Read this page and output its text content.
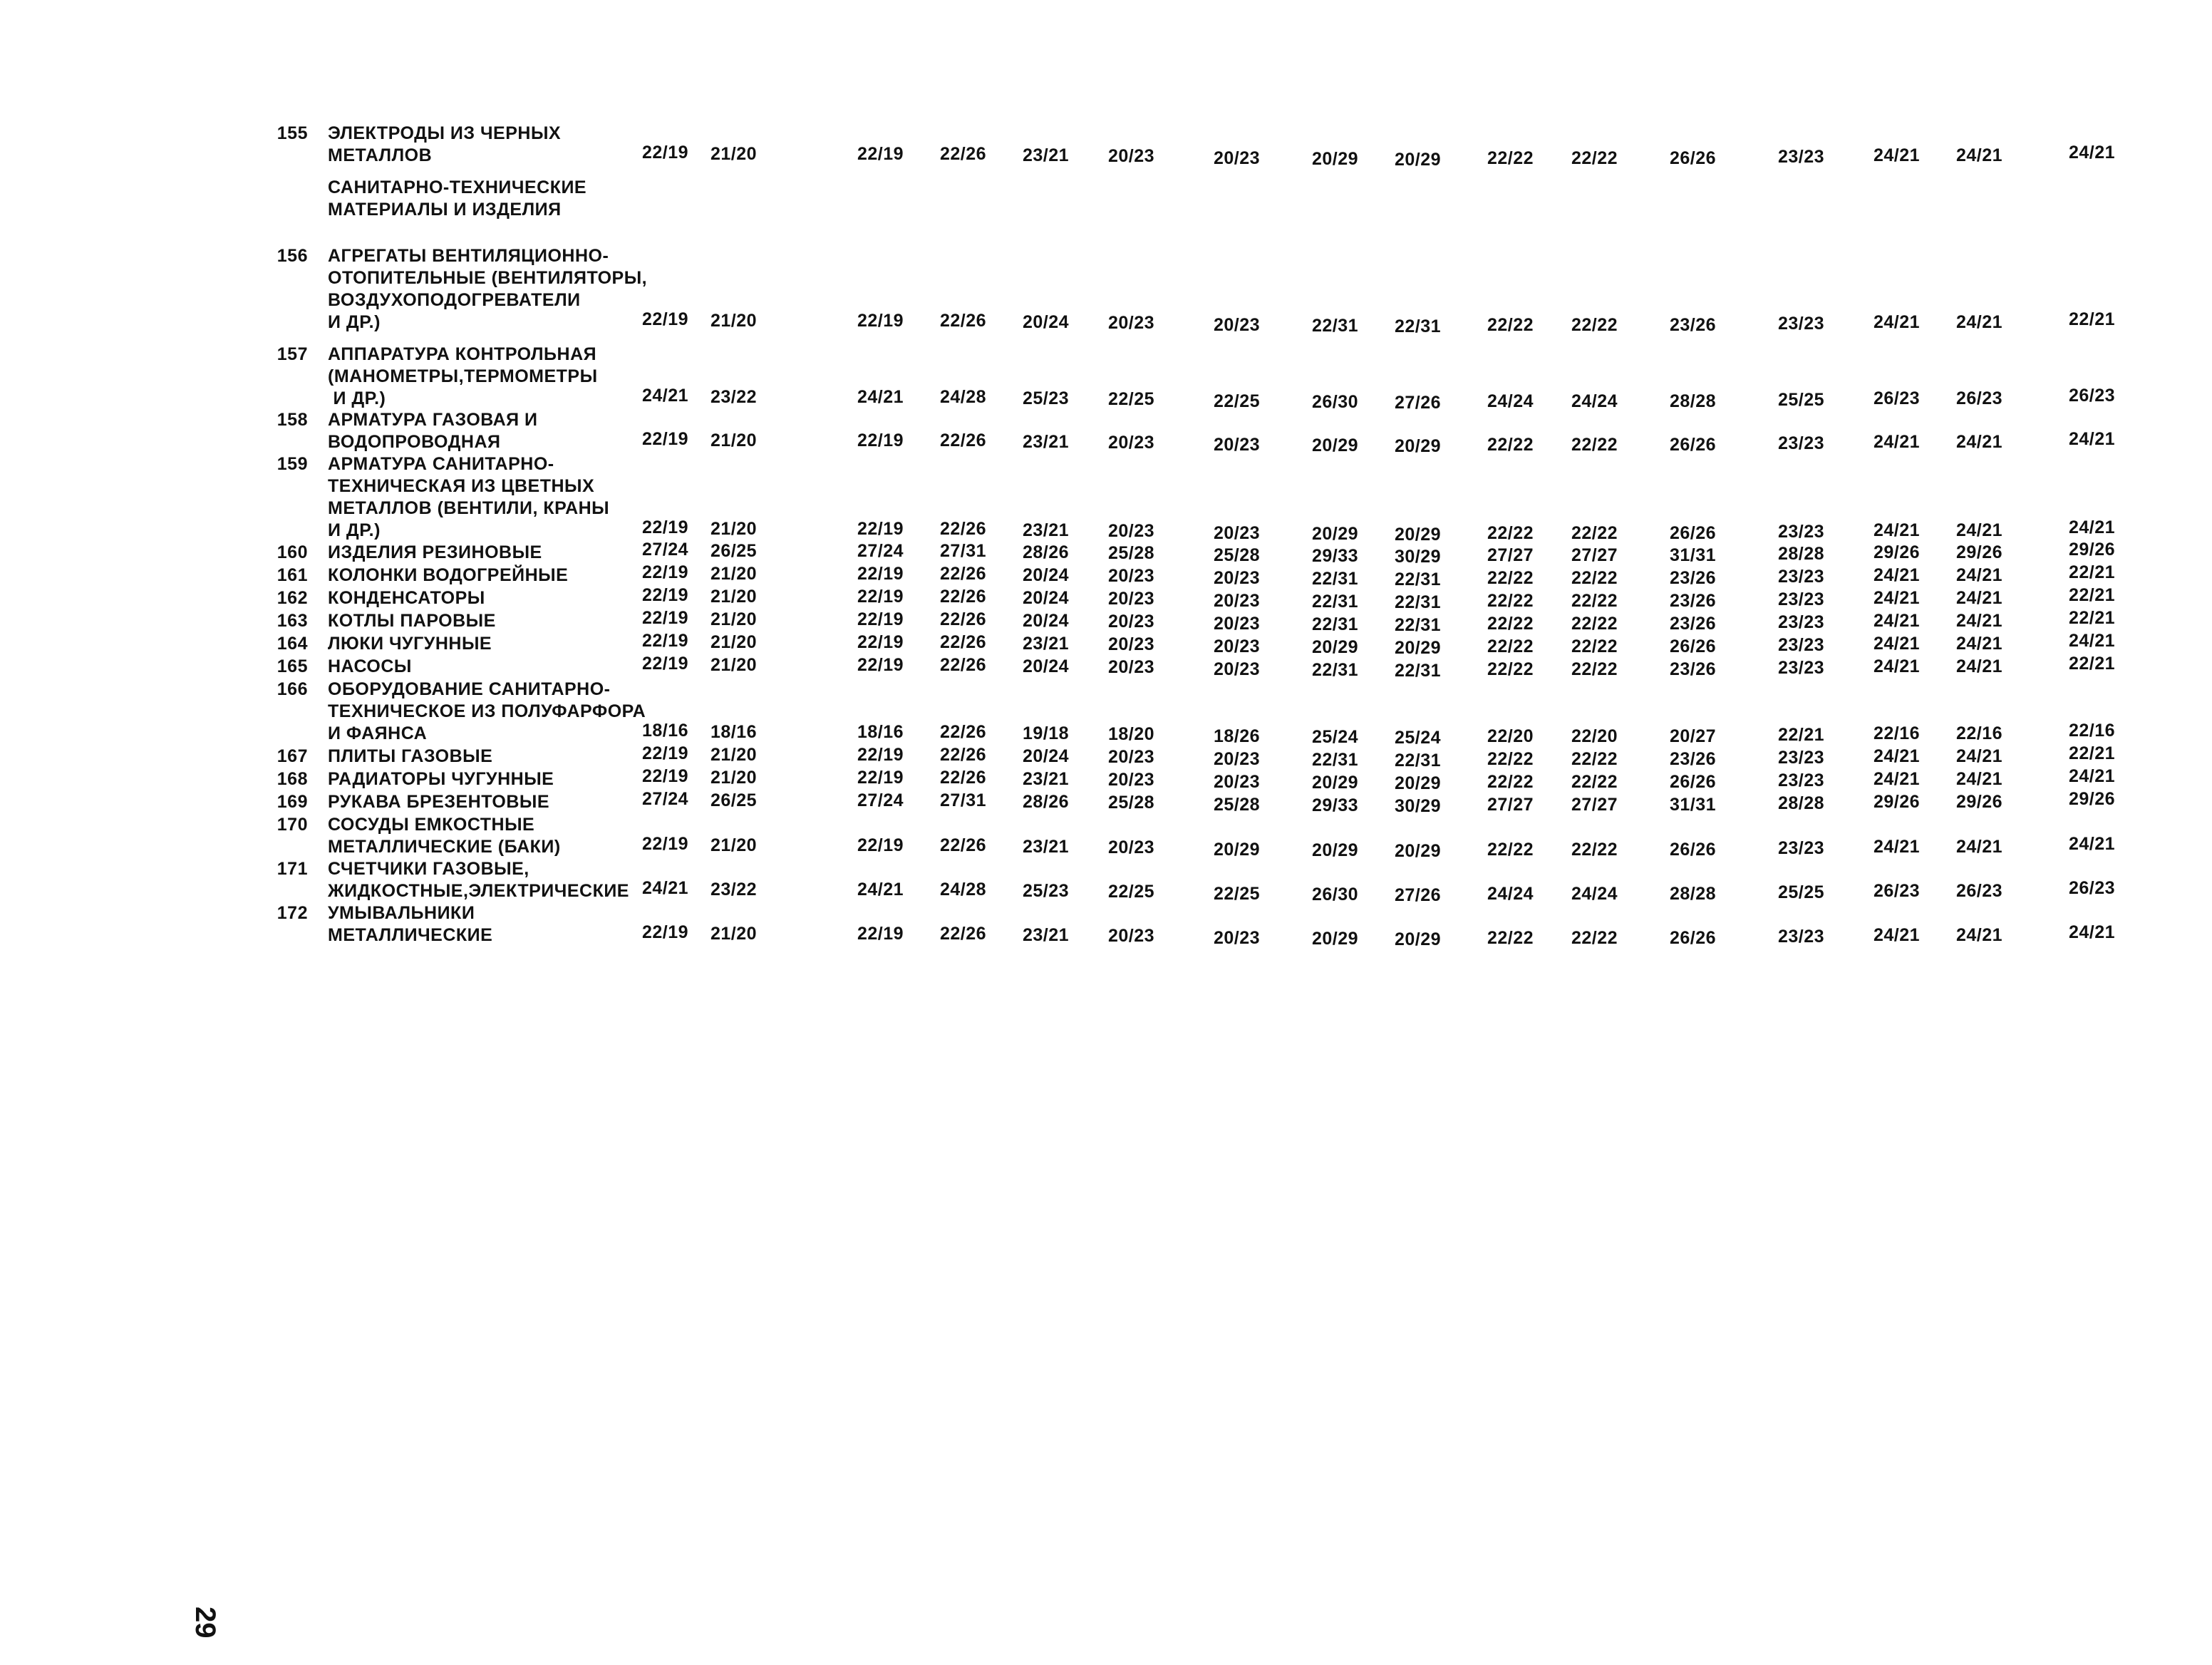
САНИТАРНО-ТЕХНИЧЕСКИЕ
МАТЕРИАЛЫ И ИЗДЕЛИЯ
155 ЭЛЕКТРОДЫ ИЗ ЧЕРНЫХ
МЕТАЛЛОВ	22/19	21/20	22/19	22/26	23/21	20/23	20/23	20/29	20/29	22/22	22/22	26/26	23/23	24/21	24/21	24/21
156 АГРЕГАТЫ ВЕНТИЛЯЦИОННО-
ОТОПИТЕЛЬНЫЕ (ВЕНТИЛЯТОРЫ,
ВОЗДУХОПОДОГРЕВАТЕЛИ
И ДР.)	22/19	21/20	22/19	22/26	20/24	20/23	20/23	22/31	22/31	22/22	22/22	23/26	23/23	24/21	24/21	22/21
157 АППАРАТУРА КОНТРОЛЬНАЯ
(МАНОМЕТРЫ,ТЕРМОМЕТРЫ
И ДР.)	24/21	23/22	24/21	24/28	25/23	22/25	22/25	26/30	27/26	24/24	24/24	28/28	25/25	26/23	26/23	26/23
158 АРМАТУРА ГАЗОВАЯ И
ВОДОПРОВОДНАЯ	22/19	21/20	22/19	22/26	23/21	20/23	20/23	20/29	20/29	22/22	22/22	26/26	23/23	24/21	24/21	24/21
159 АРМАТУРА САНИТАРНО-
ТЕХНИЧЕСКАЯ ИЗ ЦВЕТНЫХ
МЕТАЛЛОВ (ВЕНТИЛИ, КРАНЫ
И ДР.)	22/19	21/20	22/19	22/26	23/21	20/23	20/23	20/29	20/29	22/22	22/22	26/26	23/23	24/21	24/21	24/21
160 ИЗДЕЛИЯ РЕЗИНОВЫЕ	27/24	26/25	27/24	27/31	28/26	25/28	25/28	29/33	30/29	27/27	27/27	31/31	28/28	29/26	29/26	29/26
161 КОЛОНКИ ВОДОГРЕЙНЫЕ	22/19	21/20	22/19	22/26	20/24	20/23	20/23	22/31	22/31	22/22	22/22	23/26	23/23	24/21	24/21	22/21
162 КОНДЕНСАТОРЫ	22/19	21/20	22/19	22/26	20/24	20/23	20/23	22/31	22/31	22/22	22/22	23/26	23/23	24/21	24/21	22/21
163 КОТЛЫ ПАРОВЫЕ	22/19	21/20	22/19	22/26	20/24	20/23	20/23	22/31	22/31	22/22	22/22	23/26	23/23	24/21	24/21	22/21
164 ЛЮКИ ЧУГУННЫЕ	22/19	21/20	22/19	22/26	23/21	20/23	20/23	20/29	20/29	22/22	22/22	26/26	23/23	24/21	24/21	24/21
165 НАСОСЫ	22/19	21/20	22/19	22/26	20/24	20/23	20/23	22/31	22/31	22/22	22/22	23/26	23/23	24/21	24/21	22/21
166 ОБОРУДОВАНИЕ САНИТАРНО-
ТЕХНИЧЕСКОЕ ИЗ ПОЛУФАРФОРА
И ФАЯНСА	18/16	18/16	18/16	22/26	19/18	18/20	18/26	25/24	25/24	22/20	22/20	20/27	22/21	22/16	22/16	22/16
167 ПЛИТЫ ГАЗОВЫЕ	22/19	21/20	22/19	22/26	20/24	20/23	20/23	22/31	22/31	22/22	22/22	23/26	23/23	24/21	24/21	22/21
168 РАДИАТОРЫ ЧУГУННЫЕ	22/19	21/20	22/19	22/26	23/21	20/23	20/23	20/29	20/29	22/22	22/22	26/26	23/23	24/21	24/21	24/21
169 РУКАВА БРЕЗЕНТОВЫЕ	27/24	26/25	27/24	27/31	28/26	25/28	25/28	29/33	30/29	27/27	27/27	31/31	28/28	29/26	29/26	29/26
170 СОСУДЫ ЕМКОСТНЫЕ
МЕТАЛЛИЧЕСКИЕ (БАКИ)	22/19	21/20	22/19	22/26	23/21	20/23	20/29	20/29	20/29	22/22	22/22	26/26	23/23	24/21	24/21	24/21
171 СЧЕТЧИКИ ГАЗОВЫЕ,
ЖИДКОСТНЫЕ,ЭЛЕКТРИЧЕСКИЕ 24/21	23/22	24/21	24/28	25/23	22/25	22/25	26/30	27/26	24/24	24/24	28/28	25/25	26/23	26/23	26/23
172 УМЫВАЛЬНИКИ
МЕТАЛЛИЧЕСКИЕ	22/19	21/20	22/19	22/26	23/21	20/23	20/23	20/29	20/29	22/22	22/22	26/26	23/23	24/21	24/21	24/21
29
